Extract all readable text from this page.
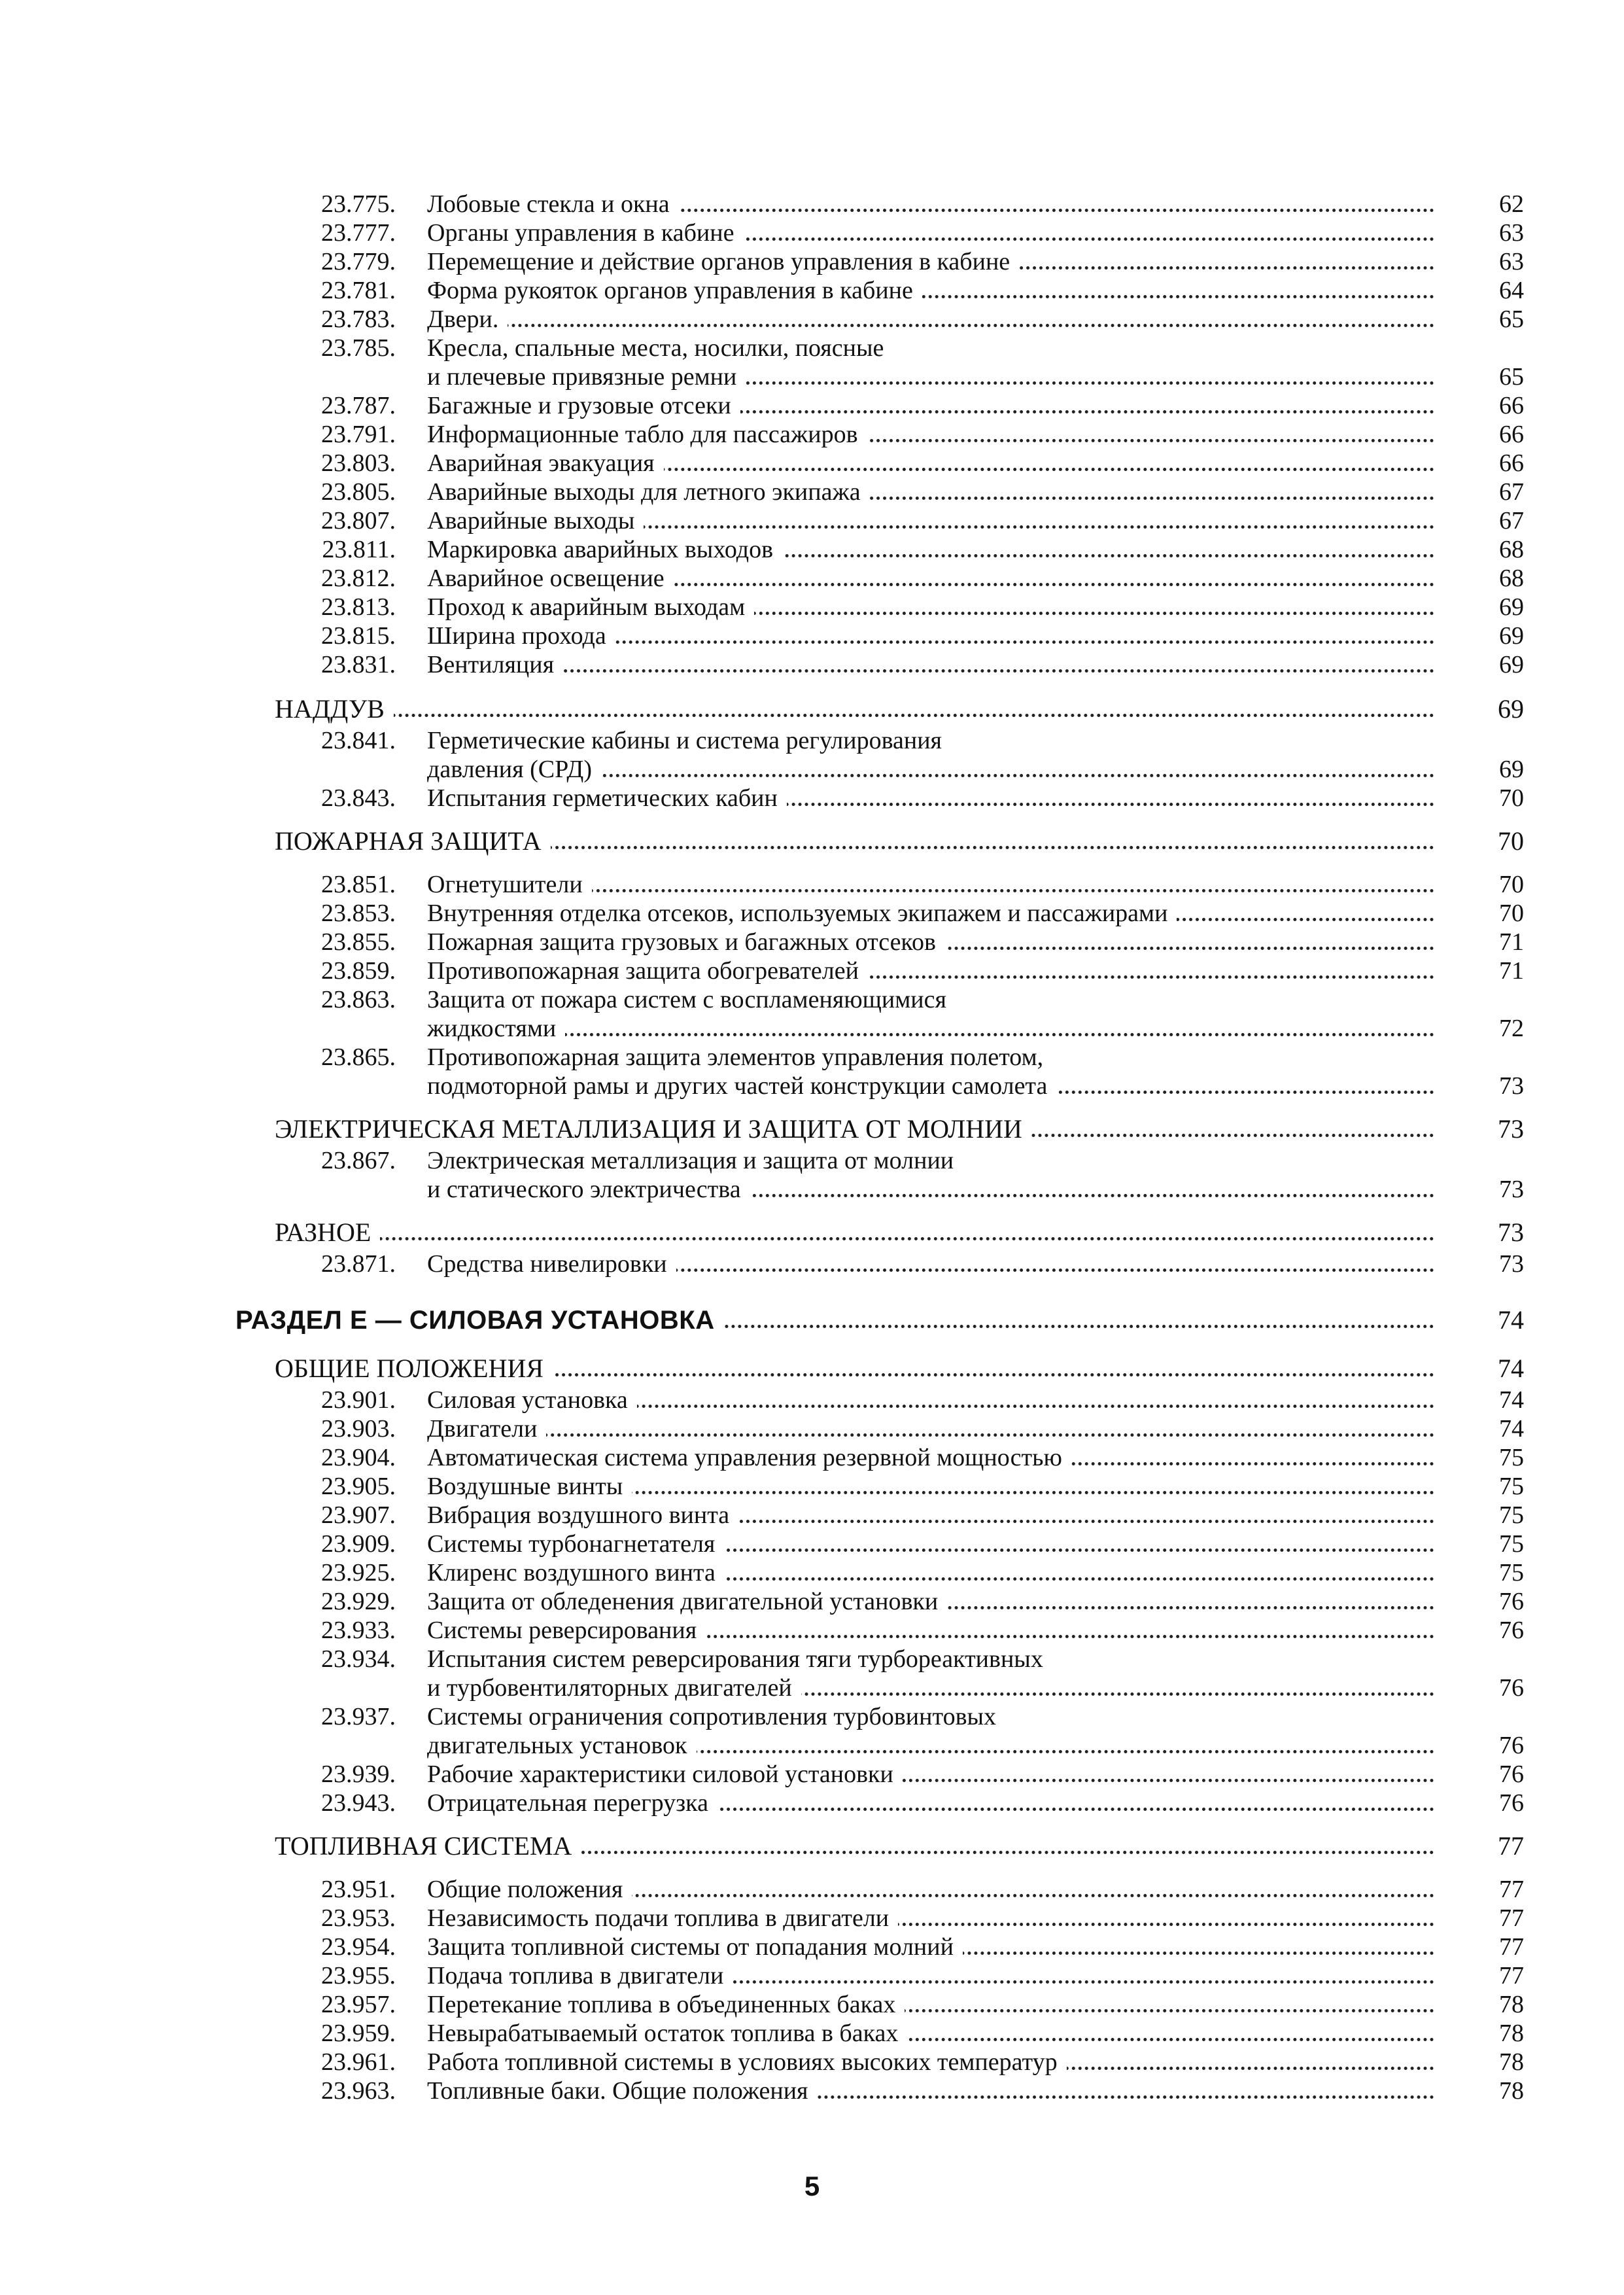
23.775. Лобовые стекла и окна	62
23.777. Органы управления в кабине	63
23.779. Перемещение и действие органов управления в кабине	63
23.781. Форма рукояток органов управления в кабине	64
23.783. Двери.	65
23.785. Кресла, спальные места, носилки, поясные
и плечевые привязные ремни	65
23.787. Багажные и грузовые отсеки	66
23.791. Информационные табло для пассажиров	66
23.803. Аварийная эвакуация	66
23.805. Аварийные выходы для летного экипажа	67
23.807. Аварийные выходы	67
23.811. Маркировка аварийных выходов	68
23.812. Аварийное освещение	68
23.813. Проход к аварийным выходам	69
23.815. Ширина прохода	69
23.831. Вентиляция	69
НАДДУВ	69
23.841. Герметические кабины и система регулирования
давления (СРД)	69
23.843. Испытания герметических кабин	70
ПОЖАРНАЯ ЗАЩИТА	70
23.851. Огнетушители	70
23.853. Внутренняя отделка отсеков, используемых экипажем и пассажирами	70
23.855. Пожарная защита грузовых и багажных отсеков	71
23.859. Противопожарная защита обогревателей	71
23.863. Защита от пожара систем с воспламеняющимися
жидкостями	72
23.865. Противопожарная защита элементов управления полетом,
подмоторной рамы и других частей конструкции самолета	73
ЭЛЕКТРИЧЕСКАЯ МЕТАЛЛИЗАЦИЯ И ЗАЩИТА ОТ МОЛНИИ	73
23.867. Электрическая металлизация и защита от молнии
и статического электричества	73
РАЗНОЕ	73
23.871. Средства нивелировки	73
РАЗДЕЛ Е — СИЛОВАЯ УСТАНОВКА	74
ОБЩИЕ ПОЛОЖЕНИЯ	74
23.901. Силовая установка	74
23.903. Двигатели	74
23.904. Автоматическая система управления резервной мощностью	75
23.905. Воздушные винты	75
23.907. Вибрация воздушного винта	75
23.909. Системы турбонагнетателя	75
23.925. Клиренс воздушного винта	75
23.929. Защита от обледенения двигательной установки	76
23.933. Системы реверсирования	76
23.934. Испытания систем реверсирования тяги турбореактивных
и турбовентиляторных двигателей	76
23.937. Системы ограничения сопротивления турбовинтовых
двигательных установок	76
23.939. Рабочие характеристики силовой установки	76
23.943. Отрицательная перегрузка	76
ТОПЛИВНАЯ СИСТЕМА	77
23.951. Общие положения	77
23.953. Независимость подачи топлива в двигатели	77
23.954. Защита топливной системы от попадания молний	77
23.955. Подача топлива в двигатели	77
23.957. Перетекание топлива в объединенных баках	78
23.959. Невырабатываемый остаток топлива в баках	78
23.961. Работа топливной системы в условиях высоких температур	78
23.963. Топливные баки. Общие положения	78
5
